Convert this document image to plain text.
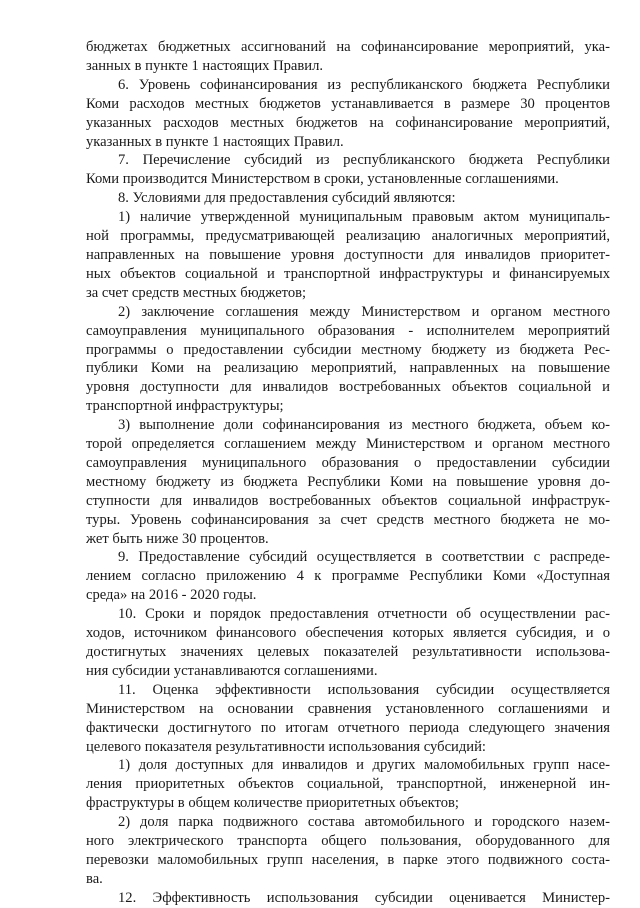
бюджетах бюджетных ассигнований на софинансирование мероприятий, ука-
занных в пункте 1 настоящих Правил.
6. Уровень софинансирования из республиканского бюджета Республики
Коми расходов местных бюджетов устанавливается в размере 30 процентов
указанных расходов местных бюджетов на софинансирование мероприятий,
указанных в пункте 1 настоящих Правил.
7. Перечисление субсидий из республиканского бюджета Республики
Коми производится Министерством в сроки, установленные соглашениями.
8. Условиями для предоставления субсидий являются:
1) наличие утвержденной муниципальным правовым актом муниципаль-
ной программы, предусматривающей реализацию аналогичных мероприятий,
направленных на повышение уровня доступности для инвалидов приоритет-
ных объектов социальной и транспортной инфраструктуры и финансируемых
за счет средств местных бюджетов;
2) заключение соглашения между Министерством и органом местного
самоуправления муниципального образования - исполнителем мероприятий
программы о предоставлении субсидии местному бюджету из бюджета Рес-
публики Коми на реализацию мероприятий, направленных на повышение
уровня доступности для инвалидов востребованных объектов социальной и
транспортной инфраструктуры;
3) выполнение доли софинансирования из местного бюджета, объем ко-
торой определяется соглашением между Министерством и органом местного
самоуправления муниципального образования о предоставлении субсидии
местному бюджету из бюджета Республики Коми на повышение уровня до-
ступности для инвалидов востребованных объектов социальной инфраструк-
туры. Уровень софинансирования за счет средств местного бюджета не мо-
жет быть ниже 30 процентов.
9. Предоставление субсидий осуществляется в соответствии с распреде-
лением согласно приложению 4 к программе Республики Коми «Доступная
среда» на 2016 - 2020 годы.
10. Сроки и порядок предоставления отчетности об осуществлении рас-
ходов, источником финансового обеспечения которых является субсидия, и о
достигнутых значениях целевых показателей результативности использова-
ния субсидии устанавливаются соглашениями.
11. Оценка эффективности использования субсидии осуществляется
Министерством на основании сравнения установленного соглашениями и
фактически достигнутого по итогам отчетного периода следующего значения
целевого показателя результативности использования субсидий:
1) доля доступных для инвалидов и других маломобильных групп насе-
ления приоритетных объектов социальной, транспортной, инженерной ин-
фраструктуры в общем количестве приоритетных объектов;
2) доля парка подвижного состава автомобильного и городского назем-
ного электрического транспорта общего пользования, оборудованного для
перевозки маломобильных групп населения, в парке этого подвижного соста-
ва.
12. Эффективность использования субсидии оценивается Министер-
